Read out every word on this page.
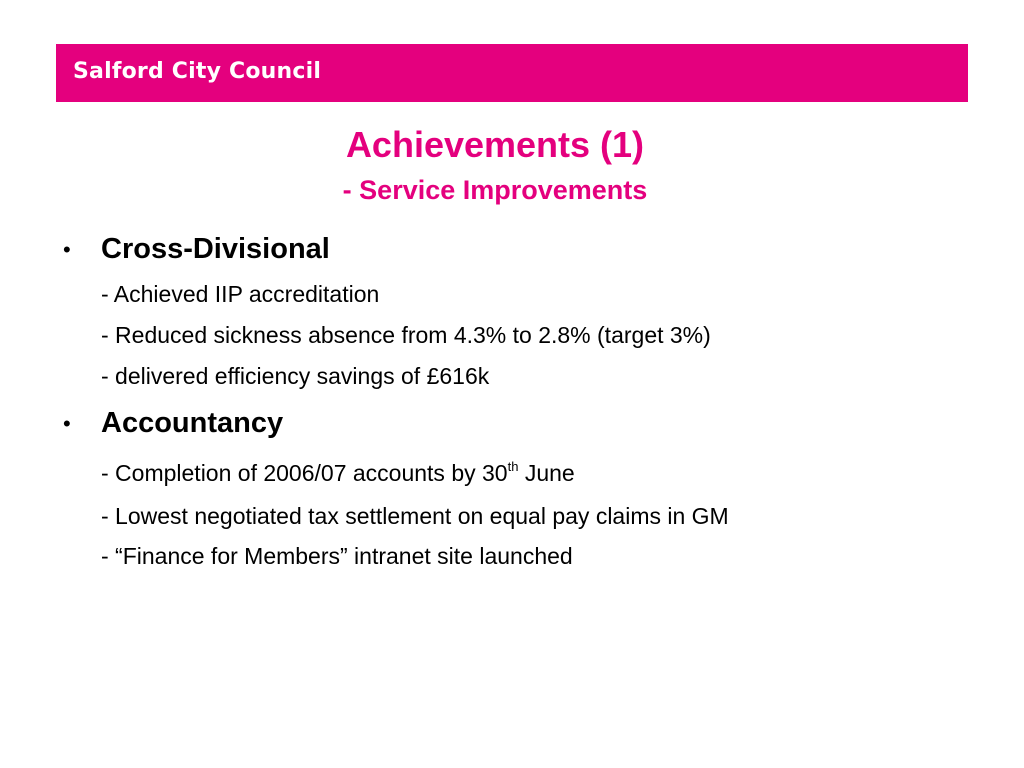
Salford City Council
Achievements (1)
- Service Improvements
• Cross-Divisional
- Achieved IIP accreditation
- Reduced sickness absence from 4.3% to 2.8% (target 3%)
- delivered efficiency savings of £616k
• Accountancy
- Completion of 2006/07 accounts by 30th June
- Lowest negotiated tax settlement on equal pay claims in GM
- “Finance for Members” intranet site launched
